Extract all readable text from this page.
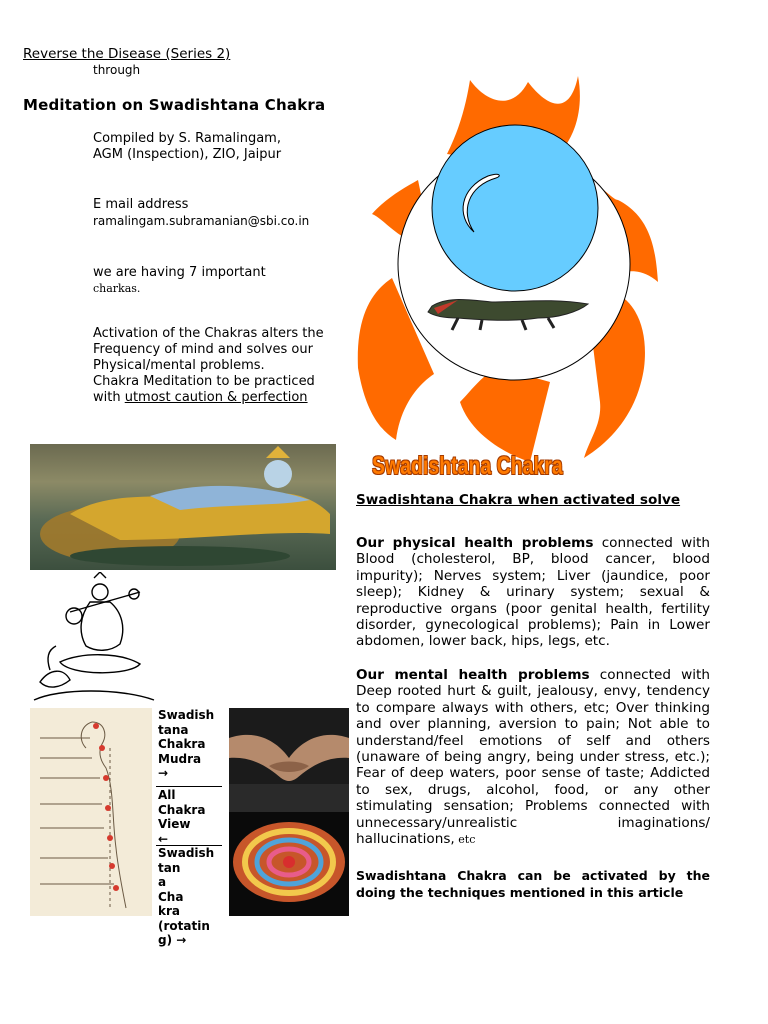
Reverse the Disease (Series 2)
through
Meditation on Swadishtana Chakra
Compiled by S. Ramalingam,
AGM (Inspection), ZIO, Jaipur
E mail address
ramalingam.subramanian@sbi.co.in
we are having 7 important
charkas.
Activation of the Chakras alters the
Frequency of mind and solves our
Physical/mental problems.
Chakra Meditation to be practiced
with utmost caution & perfection
Swadishtana Chakra
Swadishtana Chakra when activated solve
Our physical health problems connected with Blood (cholesterol, BP, blood cancer, blood impurity); Nerves system; Liver (jaundice, poor sleep); Kidney & urinary system; sexual & reproductive organs (poor genital health, fertility disorder, gynecological problems); Pain in Lower abdomen, lower back, hips, legs, etc.
Our mental health problems connected with Deep rooted hurt & guilt, jealousy, envy, tendency to compare always with others, etc; Over thinking and over planning, aversion to pain; Not able to understand/feel emotions of self and others (unaware of being angry, being under stress, etc.); Fear of deep waters, poor sense of taste; Addicted to sex, drugs, alcohol, food, or any other stimulating sensation; Problems connected with unnecessary/unrealistic imaginations/ hallucinations, etc
Swadishtana Chakra can be activated by the doing the techniques mentioned in this article
Swadish
tana
Chakra
Mudra
→
All
Chakra
View
←
Swadish
tan
a
Cha
kra
(rotatin
g) →
